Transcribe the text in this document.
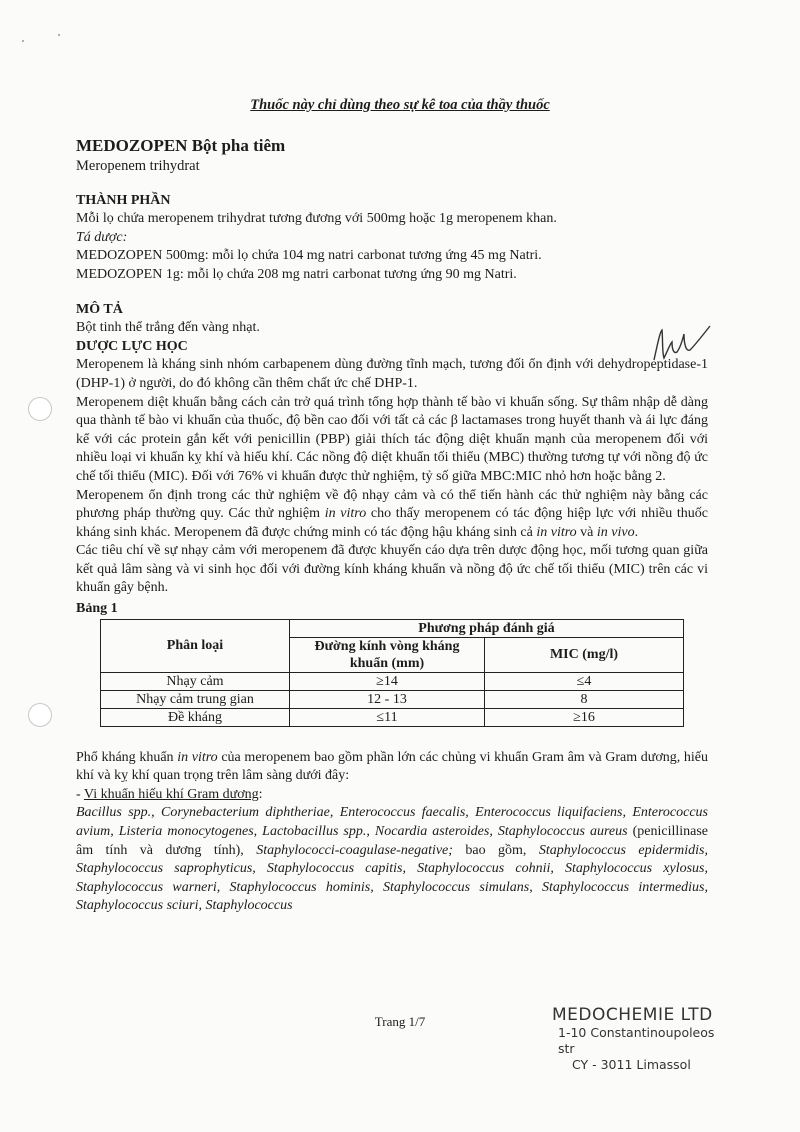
Thuốc này chỉ dùng theo sự kê toa của thầy thuốc
MEDOZOPEN Bột pha tiêm
Meropenem trihydrat
THÀNH PHẦN

Mỗi lọ chứa meropenem trihydrat tương đương với 500mg hoặc 1g meropenem khan.

Tá dược:

MEDOZOPEN 500mg: mỗi lọ chứa 104 mg natri carbonat tương ứng 45 mg Natri.

MEDOZOPEN 1g: mỗi lọ chứa 208 mg natri carbonat tương ứng 90 mg Natri.

MÔ TẢ

Bột tinh thể trắng đến vàng nhạt.

DƯỢC LỰC HỌC

Meropenem là kháng sinh nhóm carbapenem dùng đường tĩnh mạch, tương đối ổn định với dehydropeptidase-1 (DHP-1) ở người, do đó không cần thêm chất ức chế DHP-1.

Meropenem diệt khuẩn bằng cách cản trở quá trình tổng hợp thành tế bào vi khuẩn sống. Sự thâm nhập dễ dàng qua thành tế bào vi khuẩn của thuốc, độ bền cao đối với tất cả các β lactamases trong huyết thanh và ái lực đáng kể với các protein gắn kết với penicillin (PBP) giải thích tác động diệt khuẩn mạnh của meropenem đối với nhiều loại vi khuẩn kỵ khí và hiếu khí. Các nồng độ diệt khuẩn tối thiểu (MBC) thường tương tự với nồng độ ức chế tối thiểu (MIC). Đối với 76% vi khuẩn được thử nghiệm, tỷ số giữa MBC:MIC nhỏ hơn hoặc bằng 2.

Meropenem ổn định trong các thử nghiệm về độ nhạy cảm và có thể tiến hành các thử nghiệm này bằng các phương pháp thường quy. Các thử nghiệm in vitro cho thấy meropenem có tác động hiệp lực với nhiều thuốc kháng sinh khác. Meropenem đã được chứng minh có tác động hậu kháng sinh cả in vitro và in vivo.

Các tiêu chí về sự nhạy cảm với meropenem đã được khuyến cáo dựa trên dược động học, mối tương quan giữa kết quả lâm sàng và vi sinh học đối với đường kính kháng khuẩn và nồng độ ức chế tối thiểu (MIC) trên các vi khuẩn gây bệnh.

Bảng 1
Phân loại	Phương pháp đánh giá	
	Đường kính vòng kháng khuẩn (mm)	MIC (mg/l)
Nhạy cảm	≥14	≤4
Nhạy cảm trung gian	12 - 13	8
Đề kháng	≤11	≥16

Phổ kháng khuẩn in vitro của meropenem bao gồm phần lớn các chủng vi khuẩn Gram âm và Gram dương, hiếu khí và kỵ khí quan trọng trên lâm sàng dưới đây:

- Vi khuẩn hiếu khí Gram dương:

Bacillus spp., Corynebacterium diphtheriae, Enterococcus faecalis, Enterococcus liquifaciens, Enterococcus avium, Listeria monocytogenes, Lactobacillus spp., Nocardia asteroides, Staphylococcus aureus (penicillinase âm tính và dương tính), Staphylococci-coagulase-negative; bao gồm, Staphylococcus epidermidis, Staphylococcus saprophyticus, Staphylococcus capitis, Staphylococcus cohnii, Staphylococcus xylosus, Staphylococcus warneri, Staphylococcus hominis, Staphylococcus simulans, Staphylococcus intermedius, Staphylococcus sciuri, Staphylococcus

Trang 1/7	MEDOCHEMIE LTD
1-10 Constantinoupoleos str
CY - 3011 Limassol
